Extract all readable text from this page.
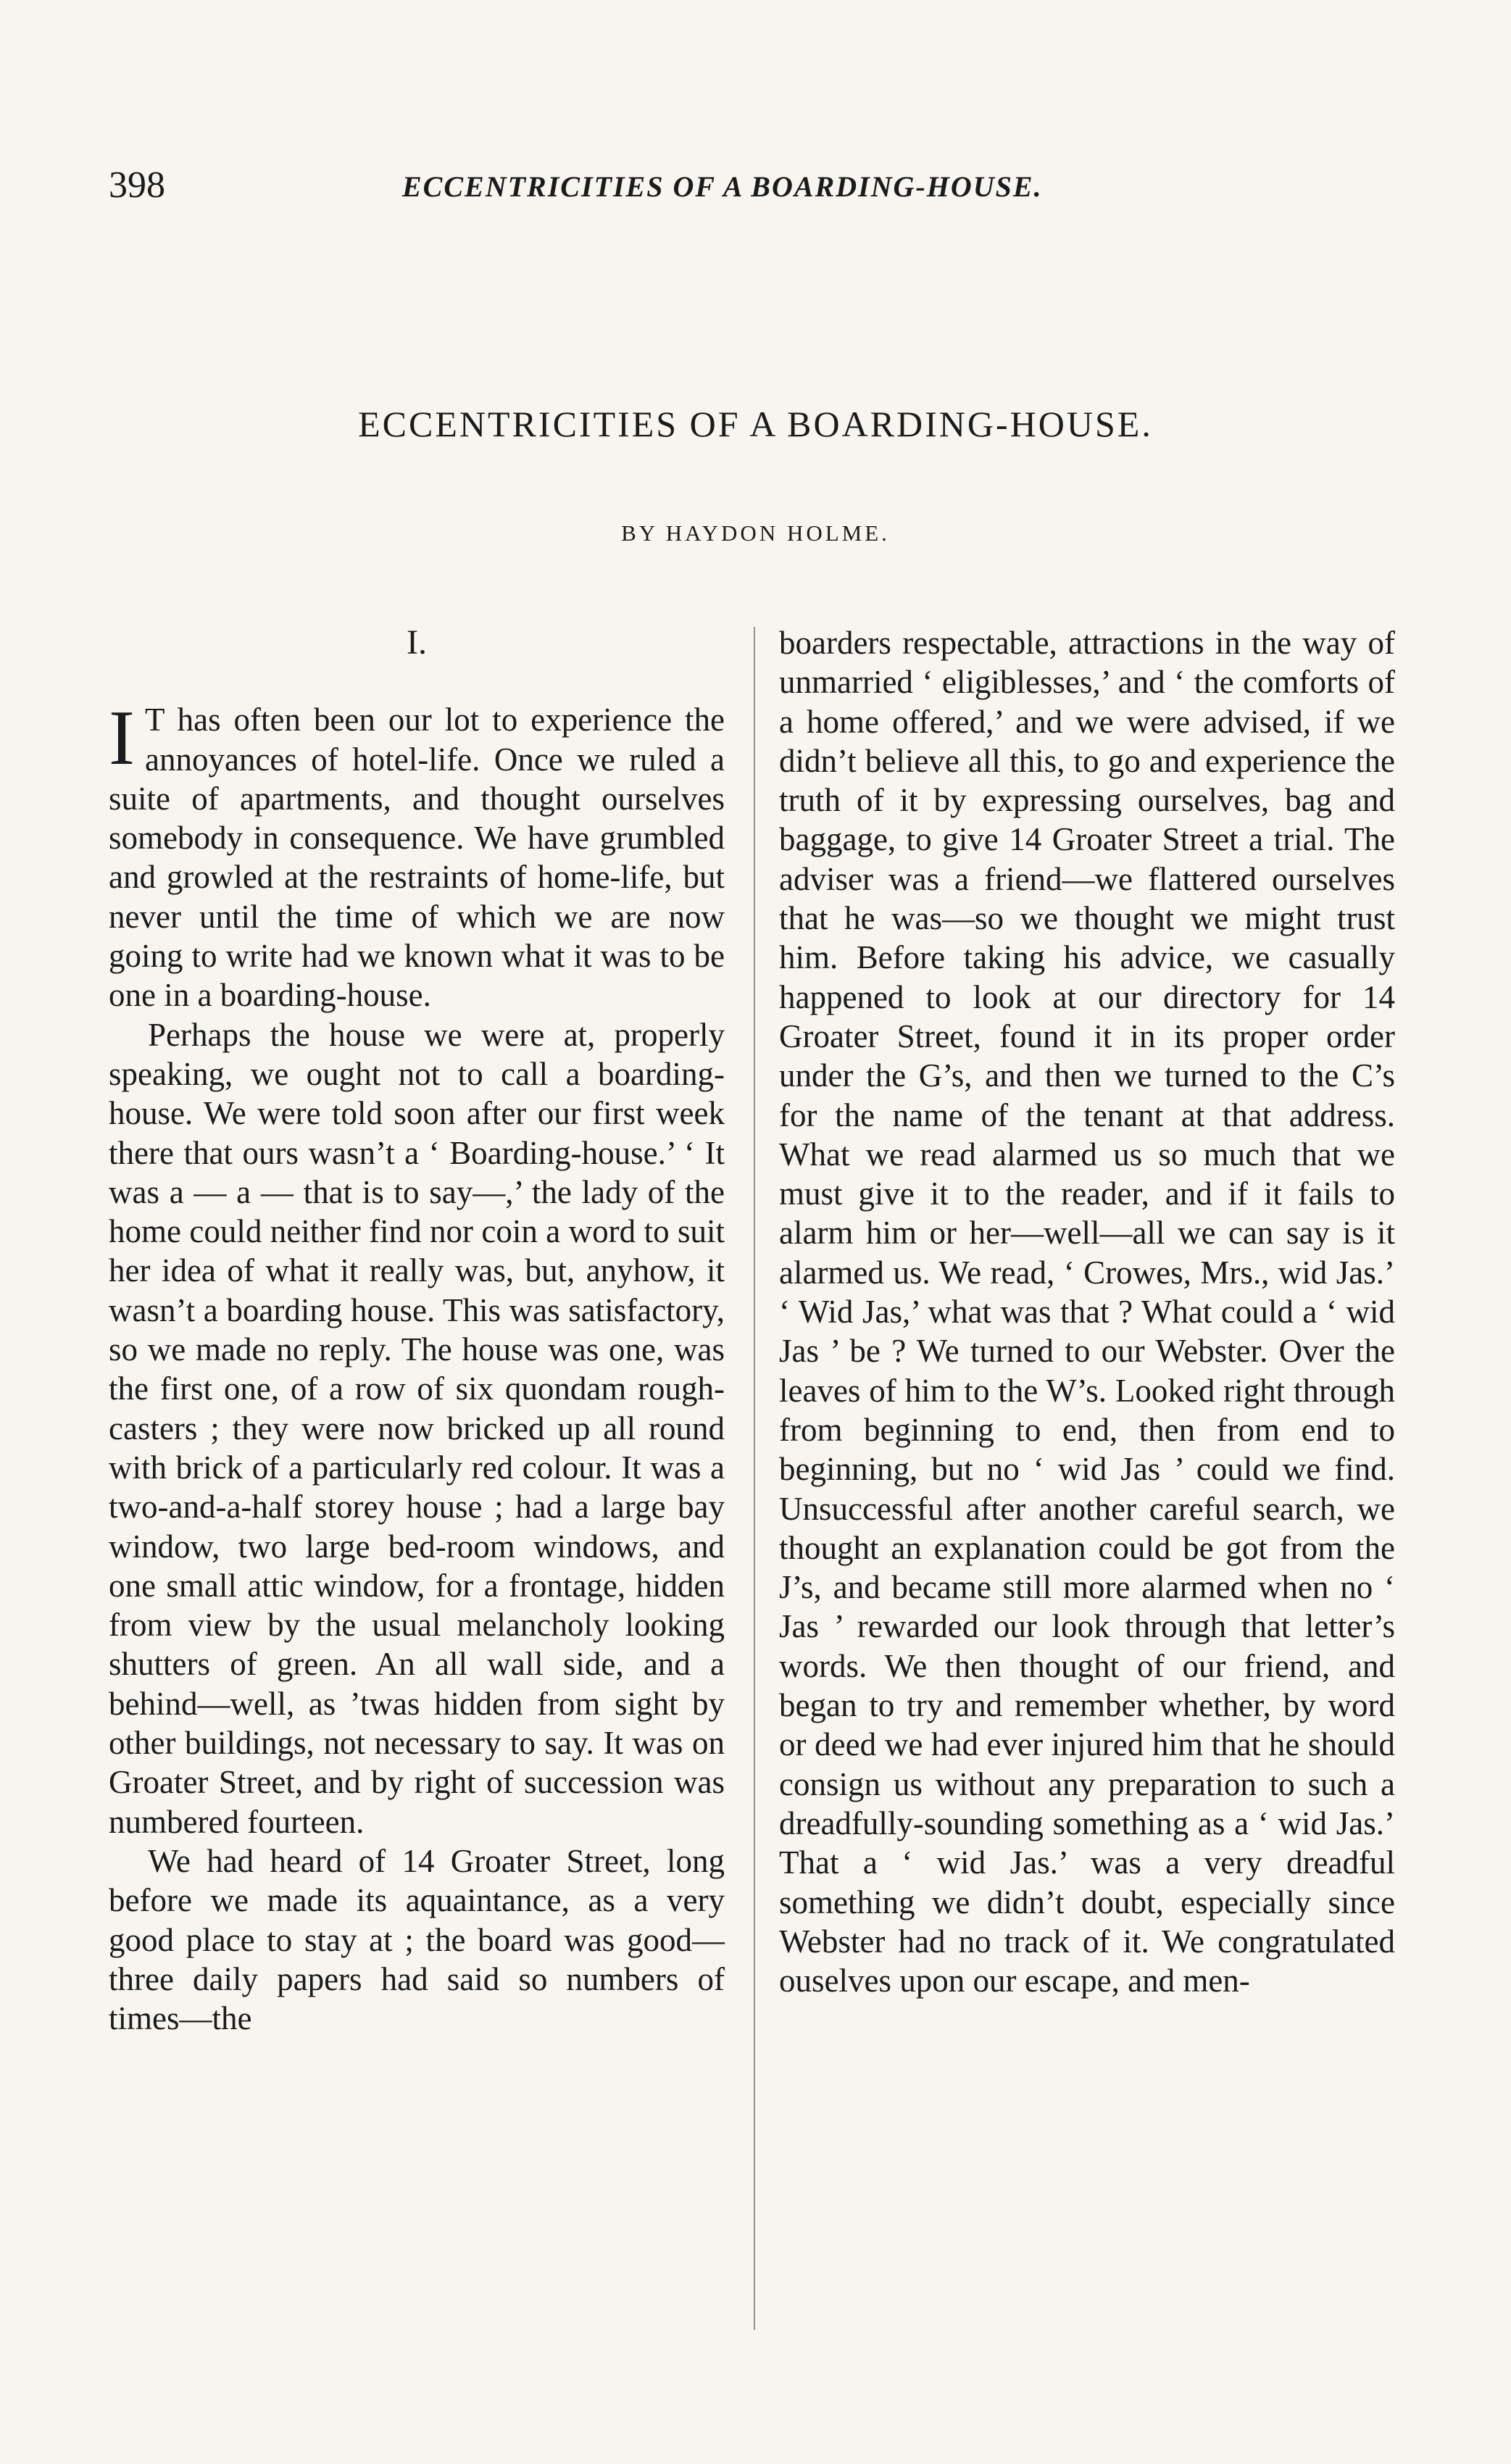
398	ECCENTRICITIES OF A BOARDING-HOUSE.
ECCENTRICITIES OF A BOARDING-HOUSE.
BY HAYDON HOLME.
I.

I T has often been our lot to experience the annoyances of hotel-life. Once we ruled a suite of apartments, and thought ourselves somebody in consequence. We have grumbled and growled at the restraints of home-life, but never until the time of which we are now going to write had we known what it was to be one in a boarding-house.

Perhaps the house we were at, properly speaking, we ought not to call a boarding-house. We were told soon after our first week there that ours wasn’t a ‘ Boarding-house.’ ‘ It was a — a — that is to say—,’ the lady of the home could neither find nor coin a word to suit her idea of what it really was, but, anyhow, it wasn’t a boarding house. This was satisfactory, so we made no reply. The house was one, was the first one, of a row of six quondam rough-casters ; they were now bricked up all round with brick of a particularly red colour. It was a two-and-a-half storey house ; had a large bay window, two large bed-room windows, and one small attic window, for a frontage, hidden from view by the usual melancholy looking shutters of green. An all wall side, and a behind—well, as ’twas hidden from sight by other buildings, not necessary to say. It was on Groater Street, and by right of succession was numbered fourteen.

We had heard of 14 Groater Street, long before we made its aquaintance, as a very good place to stay at ; the board was good—three daily papers had said so numbers of times—the

boarders respectable, attractions in the way of unmarried ‘ eligiblesses,’ and ‘ the comforts of a home offered,’ and we were advised, if we didn’t believe all this, to go and experience the truth of it by expressing ourselves, bag and baggage, to give 14 Groater Street a trial. The adviser was a friend—we flattered ourselves that he was—so we thought we might trust him. Before taking his advice, we casually happened to look at our directory for 14 Groater Street, found it in its proper order under the G’s, and then we turned to the C’s for the name of the tenant at that address. What we read alarmed us so much that we must give it to the reader, and if it fails to alarm him or her—well—all we can say is it alarmed us. We read, ‘ Crowes, Mrs., wid Jas.’ ‘ Wid Jas,’ what was that ? What could a ‘ wid Jas ’ be ? We turned to our Webster. Over the leaves of him to the W’s. Looked right through from beginning to end, then from end to beginning, but no ‘ wid Jas ’ could we find. Unsuccessful after another careful search, we thought an explanation could be got from the J’s, and became still more alarmed when no ‘ Jas ’ rewarded our look through that letter’s words. We then thought of our friend, and began to try and remember whether, by word or deed we had ever injured him that he should consign us without any preparation to such a dreadfully-sounding something as a ‘ wid Jas.’ That a ‘ wid Jas.’ was a very dreadful something we didn’t doubt, especially since Webster had no track of it. We congratulated ouselves upon our escape, and men-
